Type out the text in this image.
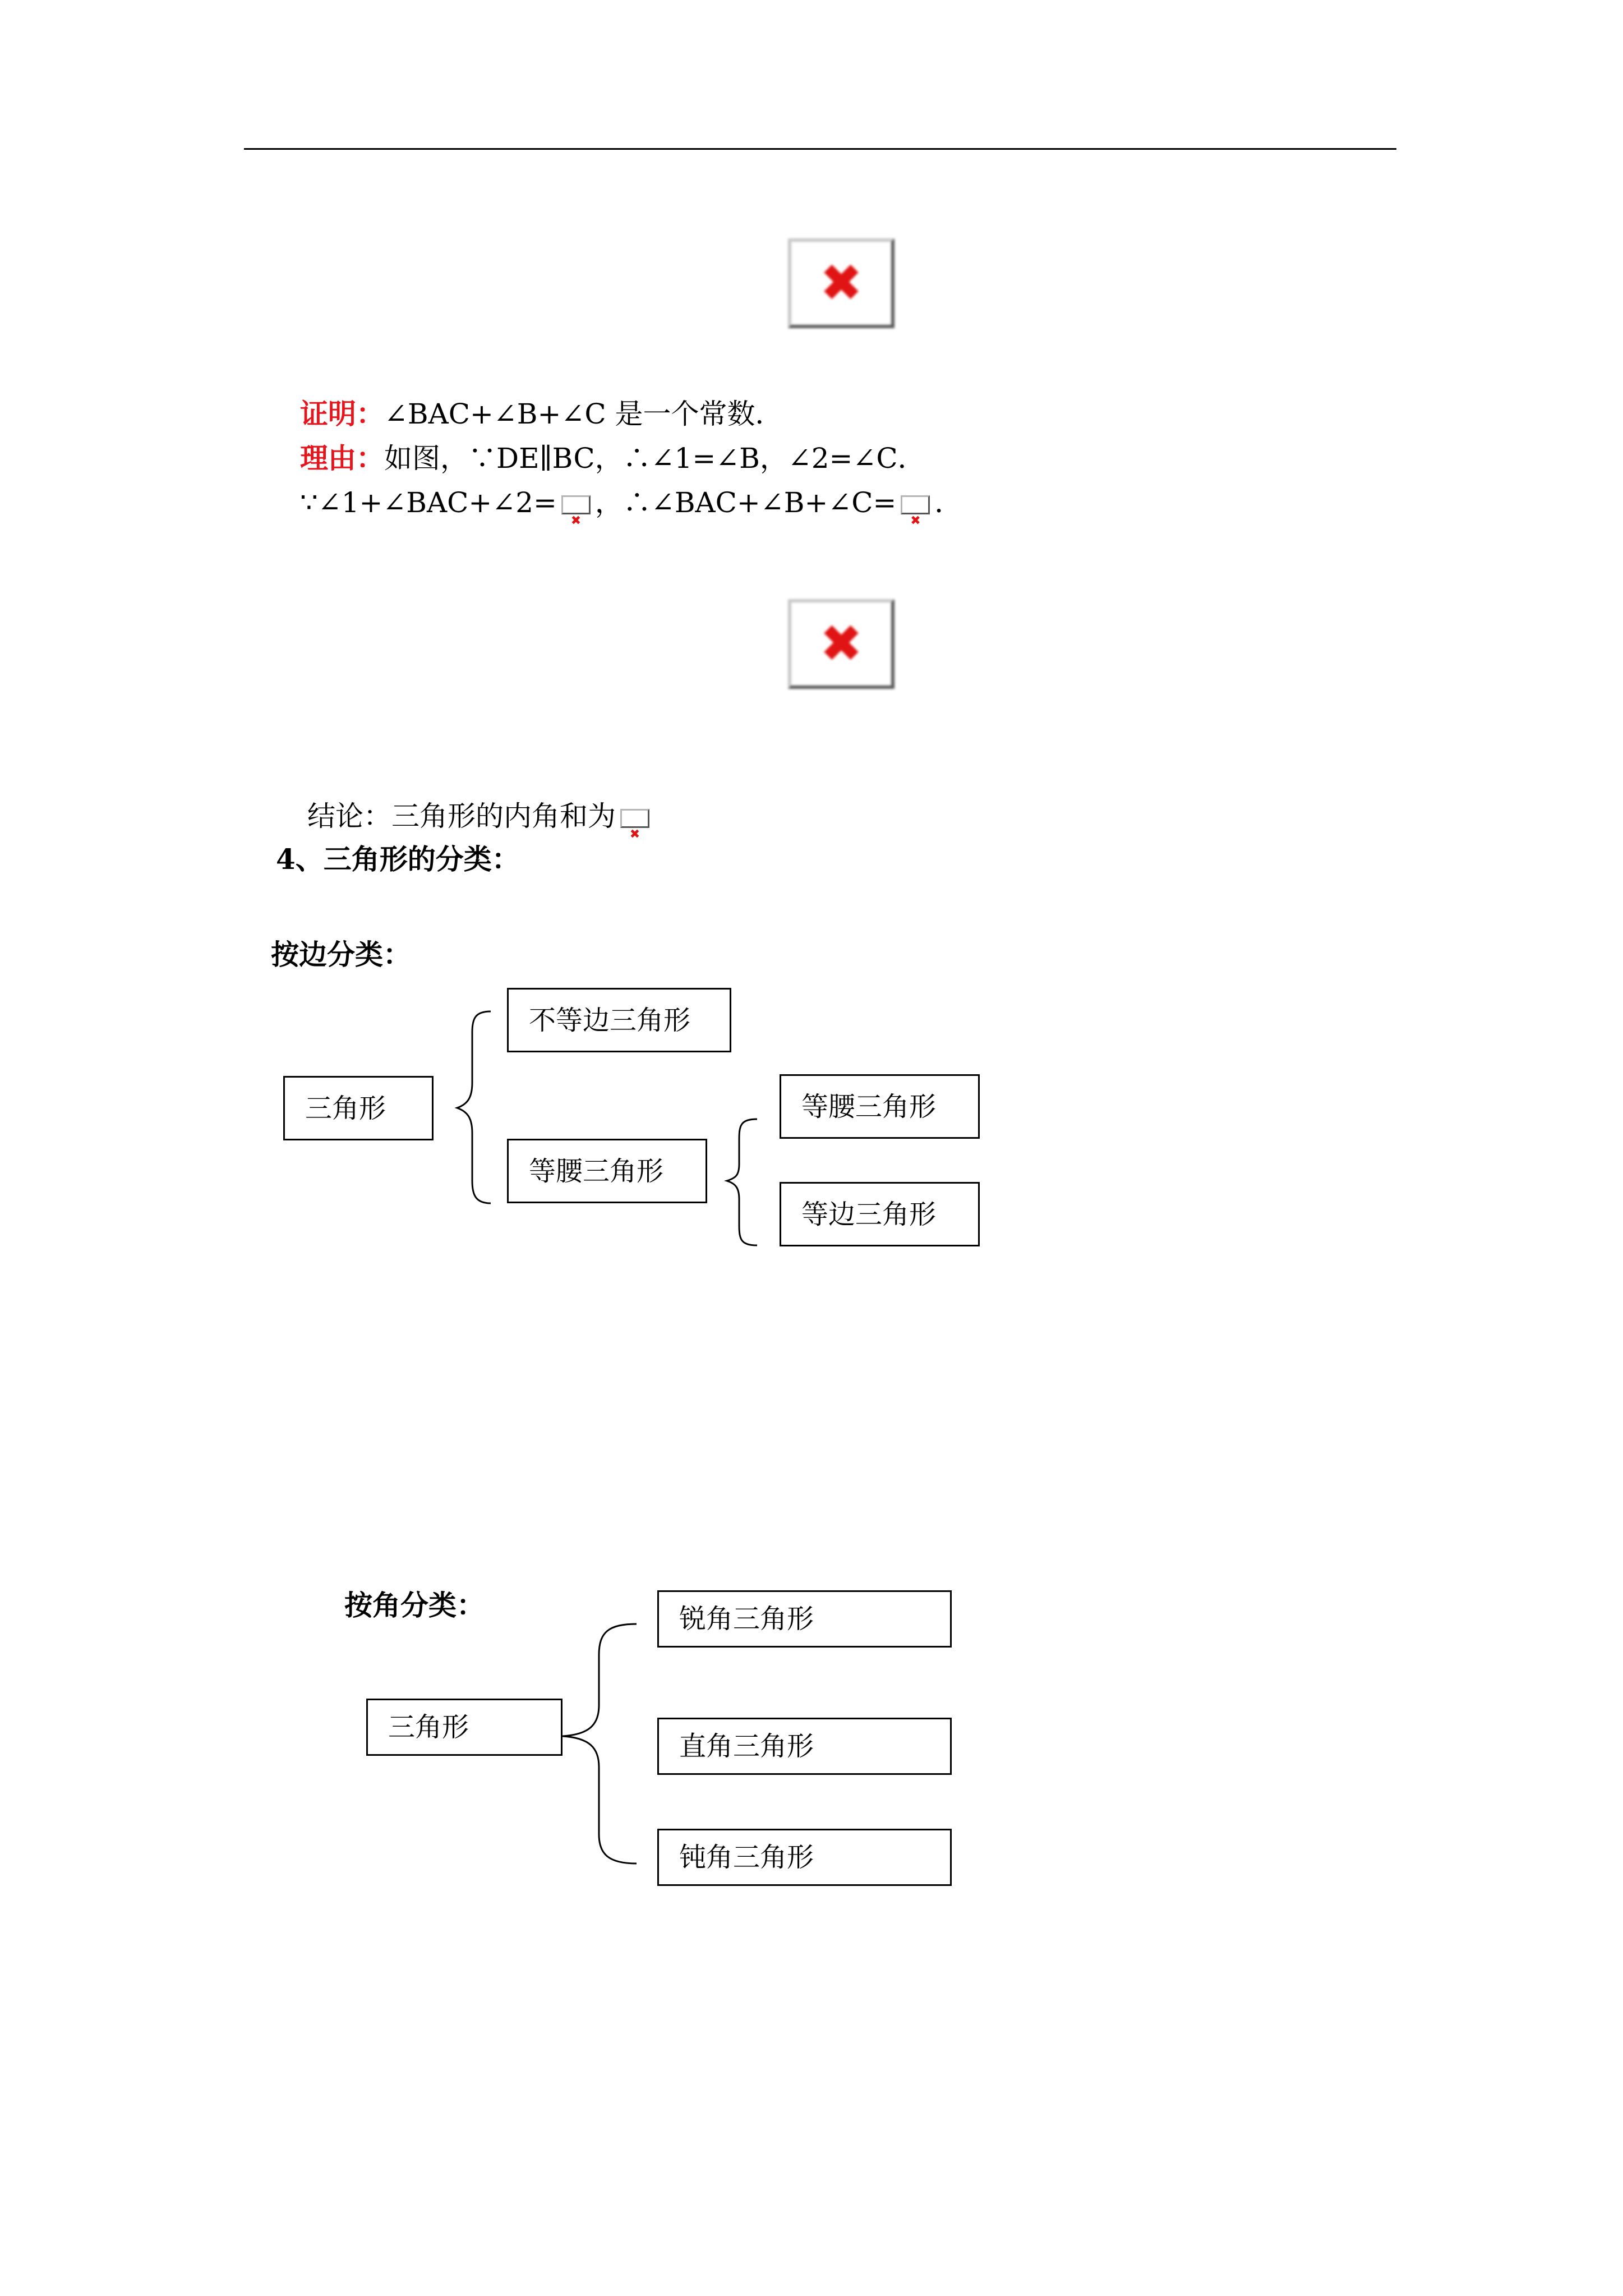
✖
证明：∠BAC+∠B+∠C 是一个常数．
理由：如图，∵DE∥BC，∴∠1=∠B，∠2=∠C．
∵∠1+∠BAC+∠2=✖，∴∠BAC+∠B+∠C=✖．
✖
结论：三角形的内角和为✖
4、三角形的分类：
按边分类：
三角形
不等边三角形
等腰三角形
等腰三角形
等边三角形
按角分类：
三角形
锐角三角形
直角三角形
钝角三角形
